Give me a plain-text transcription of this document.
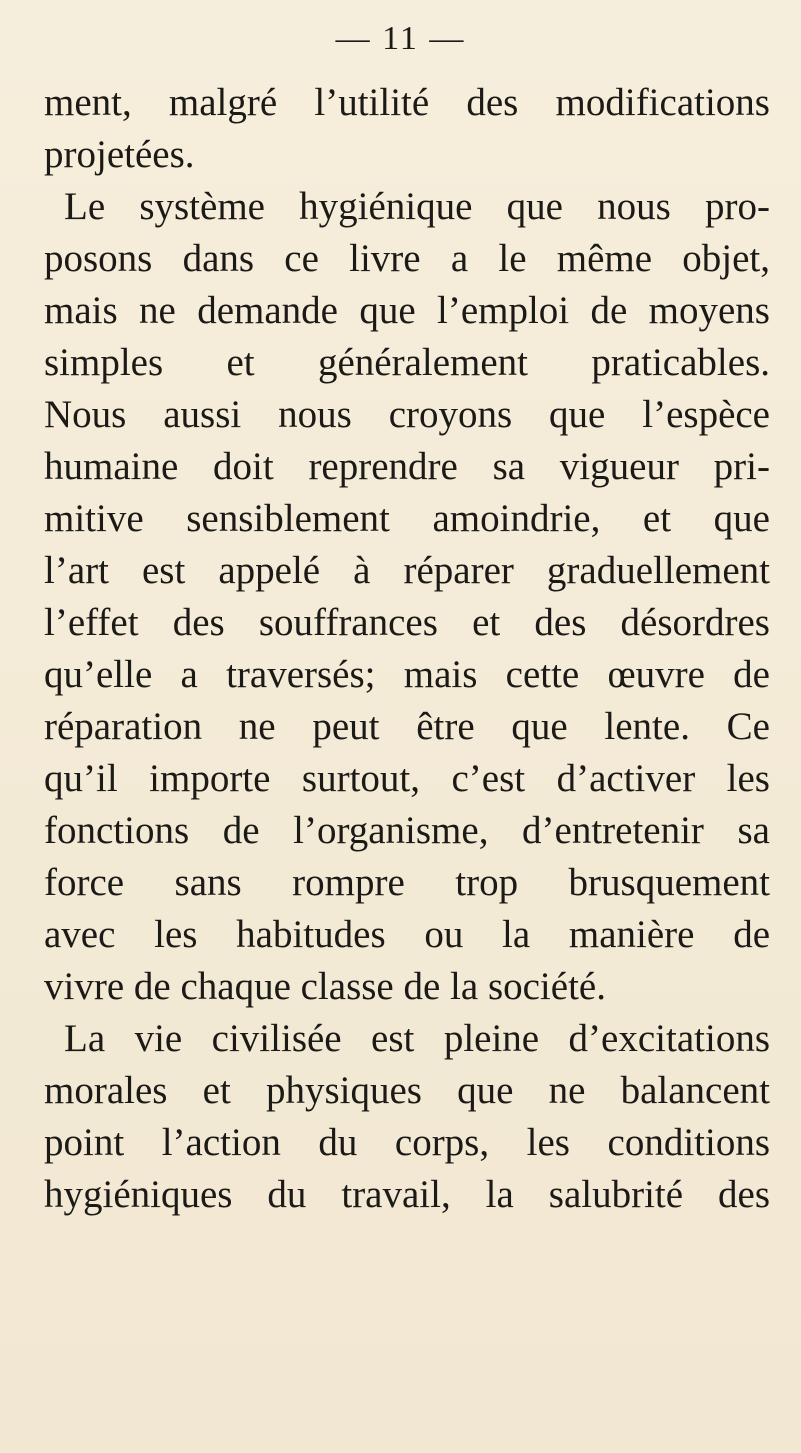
— 11 —
ment, malgré l’utilité des modifications
projetées.
Le système hygiénique que nous pro-
posons dans ce livre a le même objet,
mais ne demande que l’emploi de moyens
simples et généralement praticables.
Nous aussi nous croyons que l’espèce
humaine doit reprendre sa vigueur pri-
mitive sensiblement amoindrie, et que
l’art est appelé à réparer graduellement
l’effet des souffrances et des désordres
qu’elle a traversés; mais cette œuvre de
réparation ne peut être que lente. Ce
qu’il importe surtout, c’est d’activer les
fonctions de l’organisme, d’entretenir sa
force sans rompre trop brusquement
avec les habitudes ou la manière de
vivre de chaque classe de la société.
La vie civilisée est pleine d’excitations
morales et physiques que ne balancent
point l’action du corps, les conditions
hygiéniques du travail, la salubrité des
